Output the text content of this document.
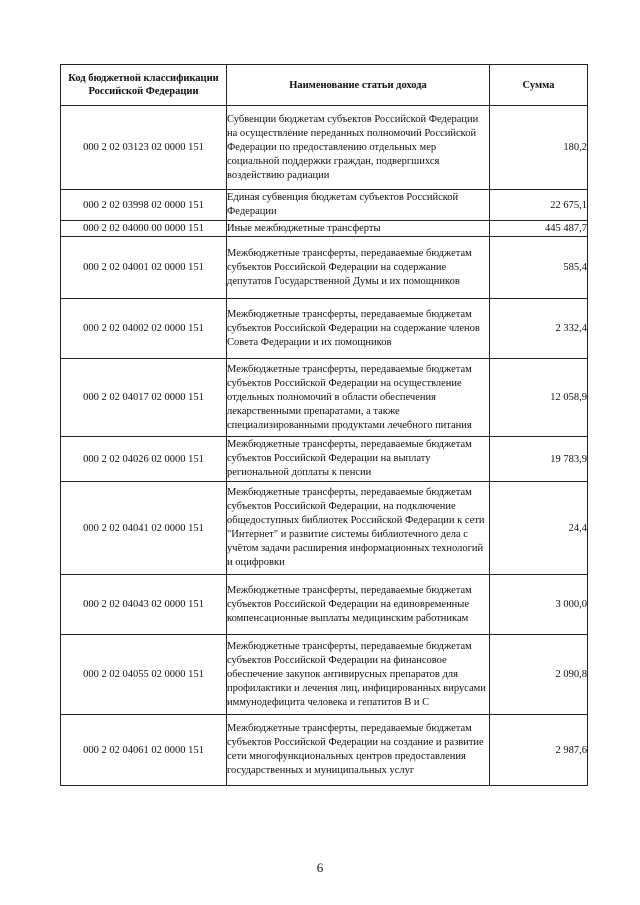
Код бюджетной классификации Российской Федерации	Наименование статьи дохода	Сумма
000 2 02 03123 02 0000 151	Субвенции бюджетам субъектов Российской Федерации на осуществление переданных полномочий Российской Федерации по предоставлению отдельных мер социальной поддержки граждан, подвергшихся воздействию радиации	180,2
000 2 02 03998 02 0000 151	Единая субвенция бюджетам субъектов Российской Федерации	22 675,1
000 2 02 04000 00 0000 151	Иные межбюджетные трансферты	445 487,7
000 2 02 04001 02 0000 151	Межбюджетные трансферты, передаваемые бюджетам субъектов Российской Федерации на содержание депутатов Государственной Думы и их помощников	585,4
000 2 02 04002 02 0000 151	Межбюджетные трансферты, передаваемые бюджетам субъектов Российской Федерации на содержание членов Совета Федерации и их помощников	2 332,4
000 2 02 04017 02 0000 151	Межбюджетные трансферты, передаваемые бюджетам субъектов Российской Федерации на осуществление отдельных полномочий в области обеспечения лекарственными препаратами, а также специализированными продуктами лечебного питания	12 058,9
000 2 02 04026 02 0000 151	Межбюджетные трансферты, передаваемые бюджетам субъектов Российской Федерации на выплату региональной доплаты к пенсии	19 783,9
000 2 02 04041 02 0000 151	Межбюджетные трансферты, передаваемые бюджетам субъектов Российской Федерации, на подключение общедоступных библиотек Российской Федерации к сети "Интернет" и развитие системы библиотечного дела с учётом задачи расширения информационных технологий и оцифровки	24,4
000 2 02 04043 02 0000 151	Межбюджетные трансферты, передаваемые бюджетам субъектов Российской Федерации на единовременные компенсационные выплаты медицинским работникам	3 000,0
000 2 02 04055 02 0000 151	Межбюджетные трансферты, передаваемые бюджетам субъектов Российской Федерации на финансовое обеспечение закупок антивирусных препаратов для профилактики и лечения лиц, инфицированных вирусами иммунодефицита человека и гепатитов В и С	2 090,8
000 2 02 04061 02 0000 151	Межбюджетные трансферты, передаваемые бюджетам субъектов Российской Федерации на создание и развитие сети многофункциональных центров предоставления государственных и муниципальных услуг	2 987,6
6
